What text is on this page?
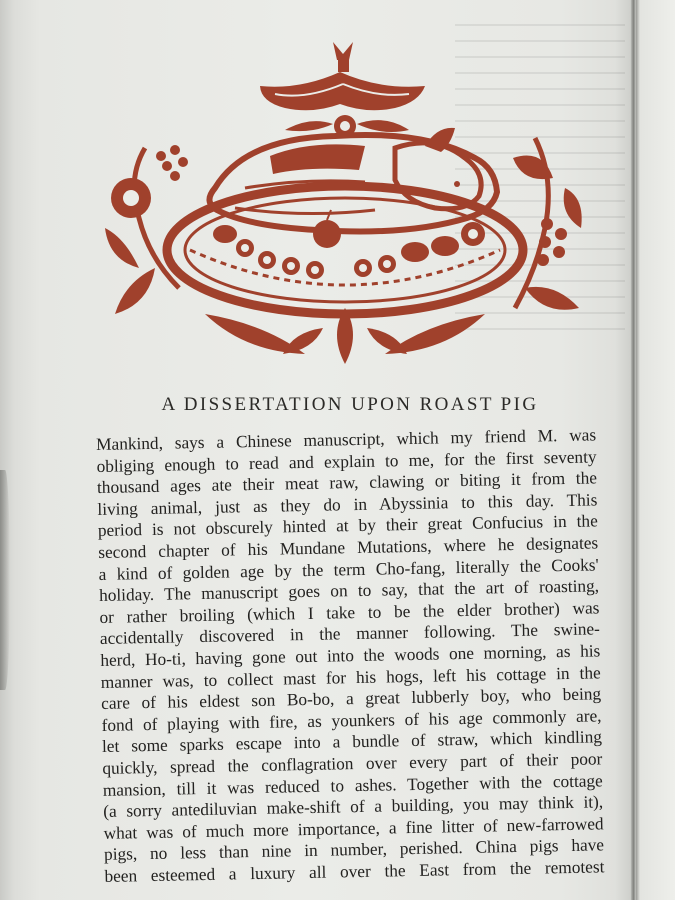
A DISSERTATION UPON ROAST PIG
Mankind, says a Chinese manuscript, which my friend M. was
obliging enough to read and explain to me, for the first seventy
thousand ages ate their meat raw, clawing or biting it from the
living animal, just as they do in Abyssinia to this day. This
period is not obscurely hinted at by their great Confucius in the
second chapter of his Mundane Mutations, where he designates
a kind of golden age by the term Cho-fang, literally the Cooks'
holiday. The manuscript goes on to say, that the art of roasting,
or rather broiling (which I take to be the elder brother) was
accidentally discovered in the manner following. The swine-
herd, Ho-ti, having gone out into the woods one morning, as his
manner was, to collect mast for his hogs, left his cottage in the
care of his eldest son Bo-bo, a great lubberly boy, who being
fond of playing with fire, as younkers of his age commonly are,
let some sparks escape into a bundle of straw, which kindling
quickly, spread the conflagration over every part of their poor
mansion, till it was reduced to ashes. Together with the cottage
(a sorry antediluvian make-shift of a building, you may think it),
what was of much more importance, a fine litter of new-farrowed
pigs, no less than nine in number, perished. China pigs have
been esteemed a luxury all over the East from the remotest
